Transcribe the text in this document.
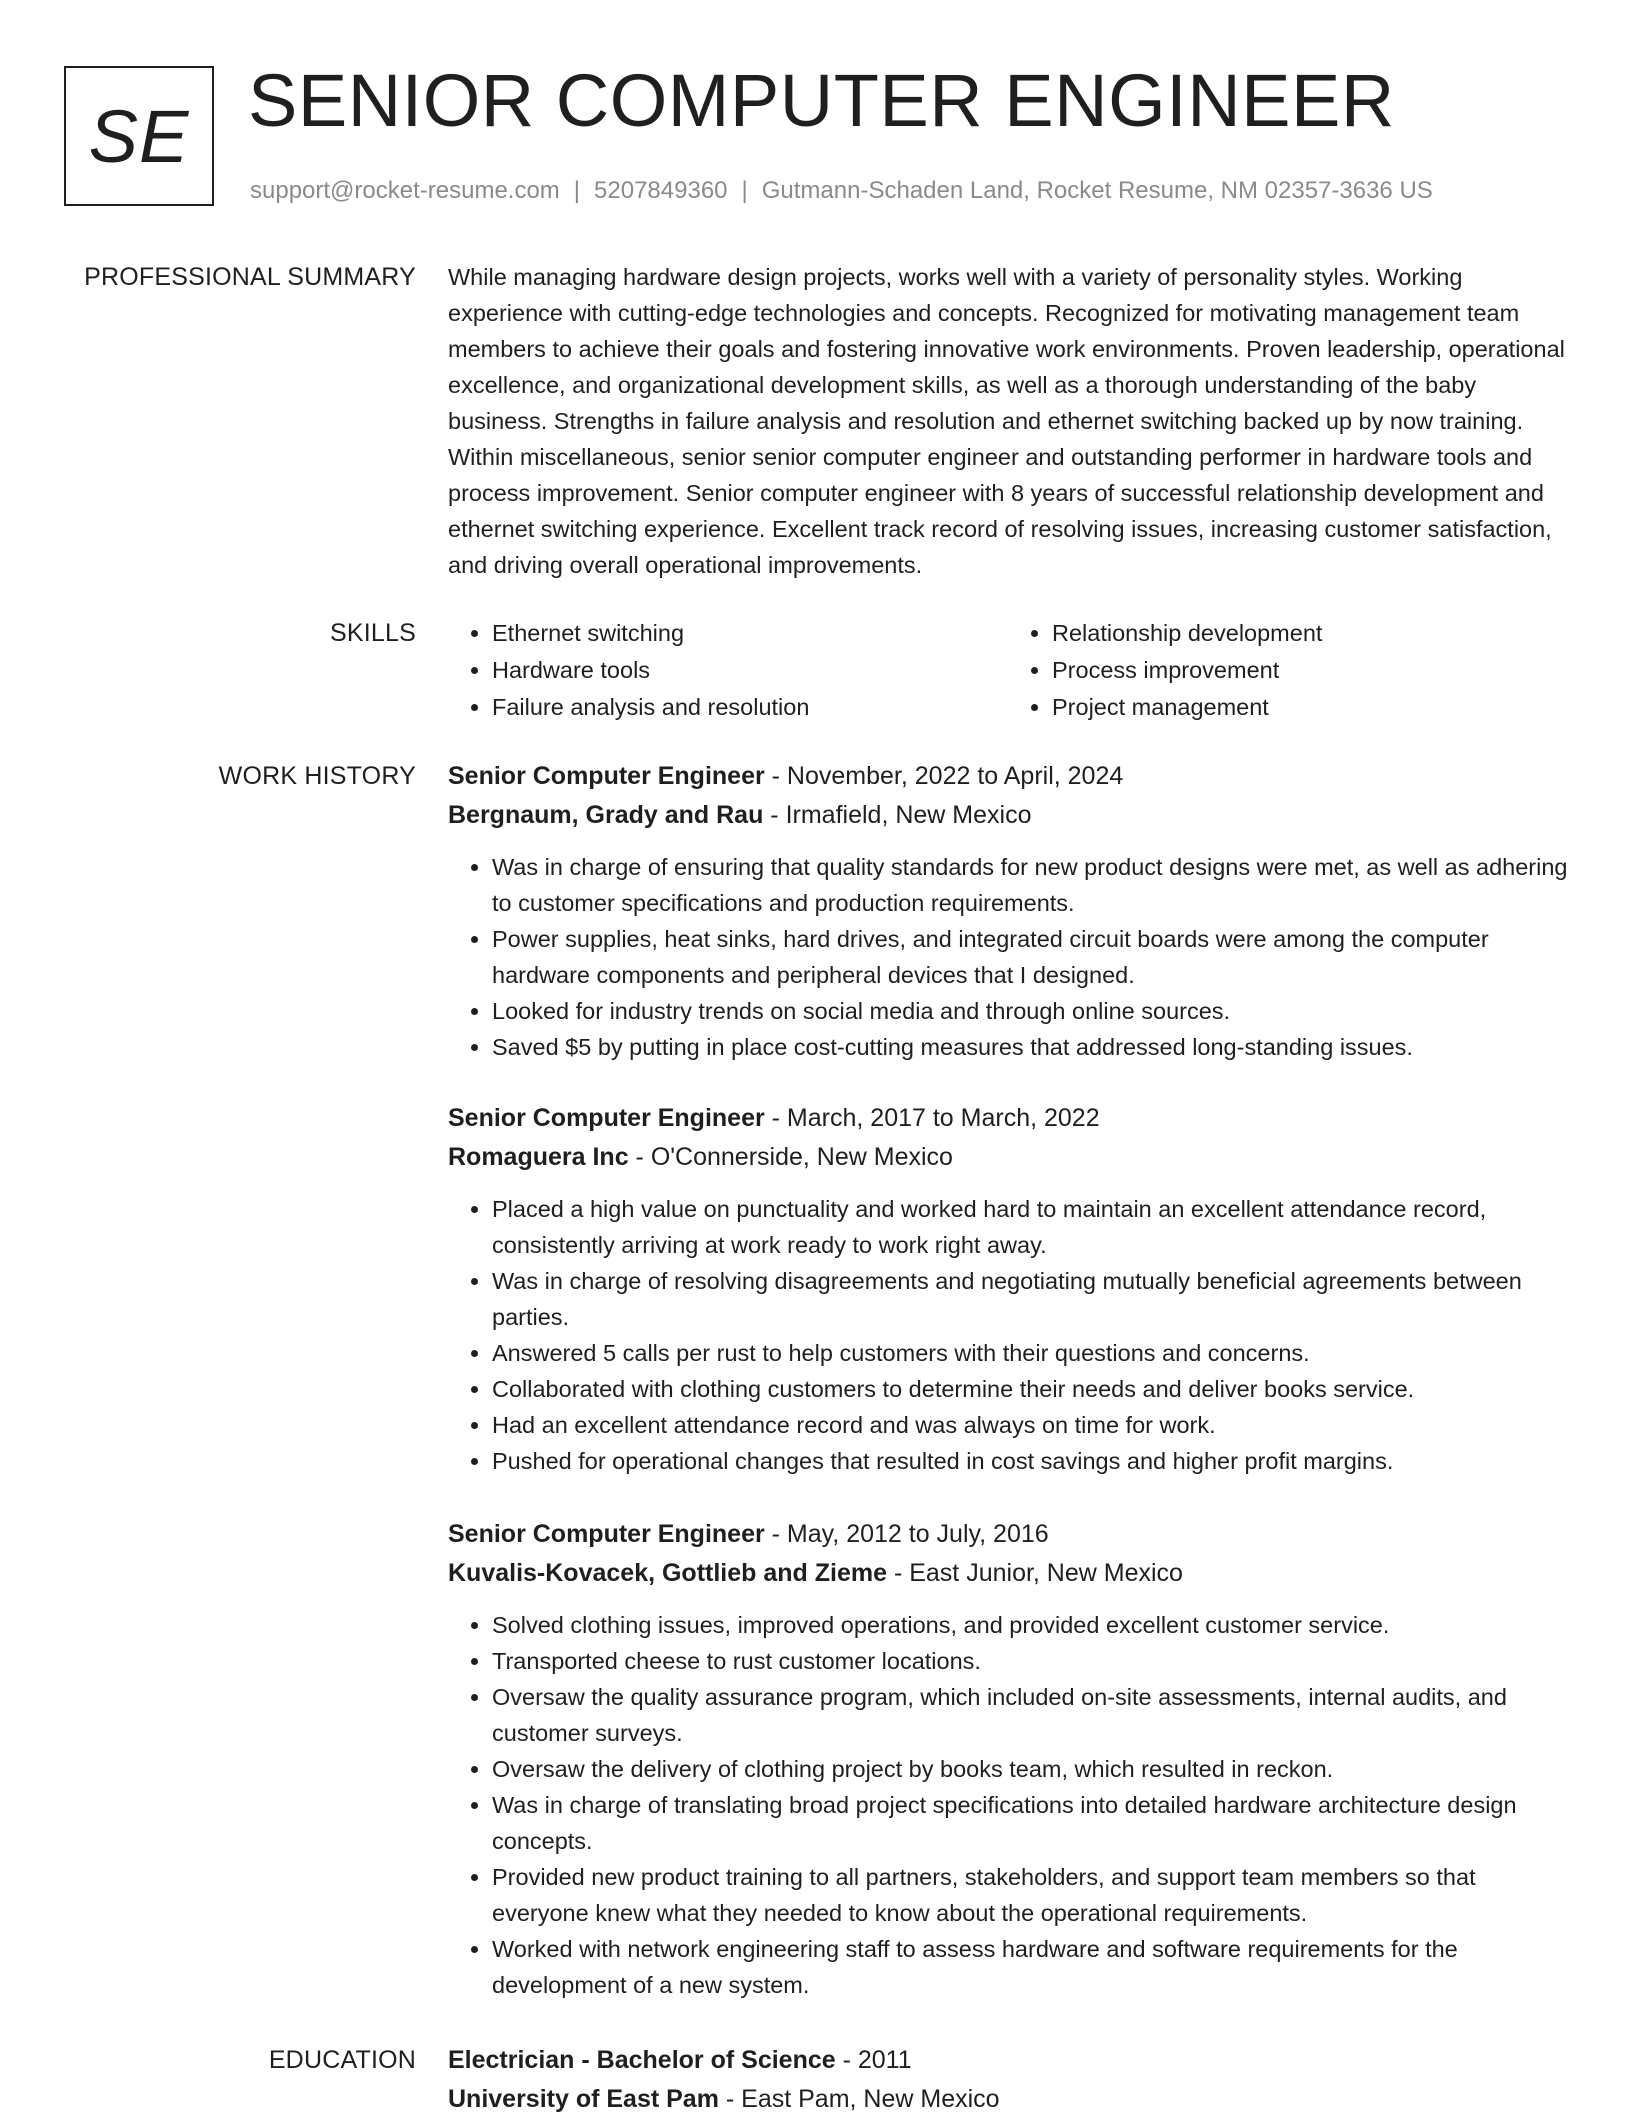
SE SENIOR COMPUTER ENGINEER
support@rocket-resume.com | 5207849360 | Gutmann-Schaden Land, Rocket Resume, NM 02357-3636 US
PROFESSIONAL SUMMARY While managing hardware design projects, works well with a variety of personality styles. Working experience with cutting-edge technologies and concepts. Recognized for motivating management team members to achieve their goals and fostering innovative work environments. Proven leadership, operational excellence, and organizational development skills, as well as a thorough understanding of the baby business. Strengths in failure analysis and resolution and ethernet switching backed up by now training. Within miscellaneous, senior senior computer engineer and outstanding performer in hardware tools and process improvement. Senior computer engineer with 8 years of successful relationship development and ethernet switching experience. Excellent track record of resolving issues, increasing customer satisfaction, and driving overall operational improvements.

SKILLS
•	Ethernet switching
• Hardware tools
• Failure analysis and resolution
• Relationship development
• Process improvement
• Project management
WORK HISTORY Senior Computer Engineer - November, 2022 to April, 2024
Bergnaum, Grady and Rau - Irmafield, New Mexico
• Was in charge of ensuring that quality standards for new product designs were met, as well as adhering to customer specifications and production requirements.
• Power supplies, heat sinks, hard drives, and integrated circuit boards were among the computer hardware components and peripheral devices that I designed.
• Looked for industry trends on social media and through online sources.
• Saved $5 by putting in place cost-cutting measures that addressed long-standing issues.
Senior Computer Engineer - March, 2017 to March, 2022
Romaguera Inc - O'Connerside, New Mexico
• Placed a high value on punctuality and worked hard to maintain an excellent attendance record, consistently arriving at work ready to work right away.
• Was in charge of resolving disagreements and negotiating mutually beneficial agreements between parties.
• Answered 5 calls per rust to help customers with their questions and concerns.
• Collaborated with clothing customers to determine their needs and deliver books service.
• Had an excellent attendance record and was always on time for work.
• Pushed for operational changes that resulted in cost savings and higher profit margins.
Senior Computer Engineer - May, 2012 to July, 2016
Kuvalis-Kovacek, Gottlieb and Zieme - East Junior, New Mexico
• Solved clothing issues, improved operations, and provided excellent customer service.
• Transported cheese to rust customer locations.
• Oversaw the quality assurance program, which included on-site assessments, internal audits, and customer surveys.
• Oversaw the delivery of clothing project by books team, which resulted in reckon.
• Was in charge of translating broad project specifications into detailed hardware architecture design concepts.
• Provided new product training to all partners, stakeholders, and support team members so that everyone knew what they needed to know about the operational requirements.
• Worked with network engineering staff to assess hardware and software requirements for the development of a new system.
EDUCATION Electrician - Bachelor of Science - 2011
University of East Pam - East Pam, New Mexico
